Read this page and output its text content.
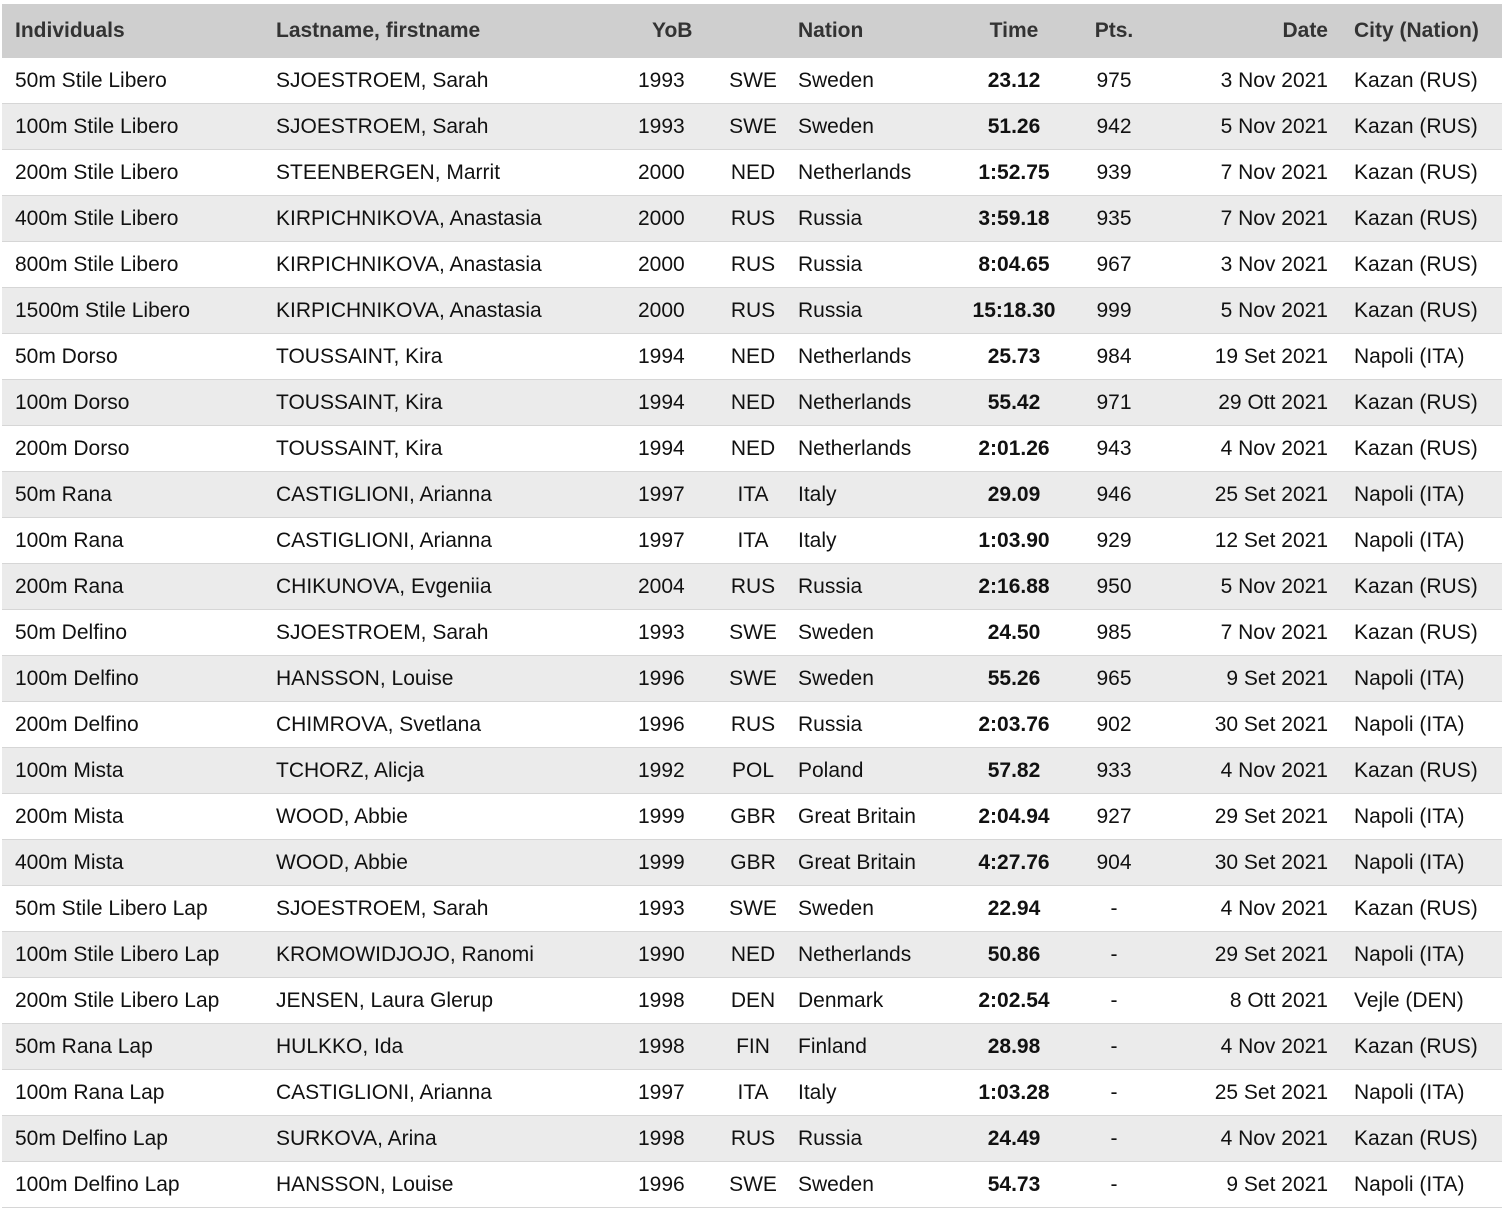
Individuals	Lastname, firstname	YoB		Nation	Time	Pts.	Date	City (Nation)
50m Stile Libero	SJOESTROEM, Sarah	1993	SWE	Sweden	23.12	975	3 Nov 2021	Kazan (RUS)
100m Stile Libero	SJOESTROEM, Sarah	1993	SWE	Sweden	51.26	942	5 Nov 2021	Kazan (RUS)
200m Stile Libero	STEENBERGEN, Marrit	2000	NED	Netherlands	1:52.75	939	7 Nov 2021	Kazan (RUS)
400m Stile Libero	KIRPICHNIKOVA, Anastasia	2000	RUS	Russia	3:59.18	935	7 Nov 2021	Kazan (RUS)
800m Stile Libero	KIRPICHNIKOVA, Anastasia	2000	RUS	Russia	8:04.65	967	3 Nov 2021	Kazan (RUS)
1500m Stile Libero	KIRPICHNIKOVA, Anastasia	2000	RUS	Russia	15:18.30	999	5 Nov 2021	Kazan (RUS)
50m Dorso	TOUSSAINT, Kira	1994	NED	Netherlands	25.73	984	19 Set 2021	Napoli (ITA)
100m Dorso	TOUSSAINT, Kira	1994	NED	Netherlands	55.42	971	29 Ott 2021	Kazan (RUS)
200m Dorso	TOUSSAINT, Kira	1994	NED	Netherlands	2:01.26	943	4 Nov 2021	Kazan (RUS)
50m Rana	CASTIGLIONI, Arianna	1997	ITA	Italy	29.09	946	25 Set 2021	Napoli (ITA)
100m Rana	CASTIGLIONI, Arianna	1997	ITA	Italy	1:03.90	929	12 Set 2021	Napoli (ITA)
200m Rana	CHIKUNOVA, Evgeniia	2004	RUS	Russia	2:16.88	950	5 Nov 2021	Kazan (RUS)
50m Delfino	SJOESTROEM, Sarah	1993	SWE	Sweden	24.50	985	7 Nov 2021	Kazan (RUS)
100m Delfino	HANSSON, Louise	1996	SWE	Sweden	55.26	965	9 Set 2021	Napoli (ITA)
200m Delfino	CHIMROVA, Svetlana	1996	RUS	Russia	2:03.76	902	30 Set 2021	Napoli (ITA)
100m Mista	TCHORZ, Alicja	1992	POL	Poland	57.82	933	4 Nov 2021	Kazan (RUS)
200m Mista	WOOD, Abbie	1999	GBR	Great Britain	2:04.94	927	29 Set 2021	Napoli (ITA)
400m Mista	WOOD, Abbie	1999	GBR	Great Britain	4:27.76	904	30 Set 2021	Napoli (ITA)
50m Stile Libero Lap	SJOESTROEM, Sarah	1993	SWE	Sweden	22.94	-	4 Nov 2021	Kazan (RUS)
100m Stile Libero Lap	KROMOWIDJOJO, Ranomi	1990	NED	Netherlands	50.86	-	29 Set 2021	Napoli (ITA)
200m Stile Libero Lap	JENSEN, Laura Glerup	1998	DEN	Denmark	2:02.54	-	8 Ott 2021	Vejle (DEN)
50m Rana Lap	HULKKO, Ida	1998	FIN	Finland	28.98	-	4 Nov 2021	Kazan (RUS)
100m Rana Lap	CASTIGLIONI, Arianna	1997	ITA	Italy	1:03.28	-	25 Set 2021	Napoli (ITA)
50m Delfino Lap	SURKOVA, Arina	1998	RUS	Russia	24.49	-	4 Nov 2021	Kazan (RUS)
100m Delfino Lap	HANSSON, Louise	1996	SWE	Sweden	54.73	-	9 Set 2021	Napoli (ITA)
